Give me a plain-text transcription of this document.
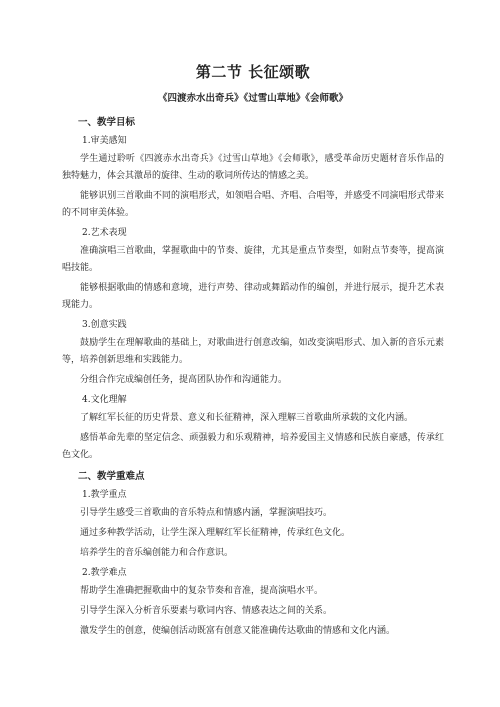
第二节 长征颂歌
《四渡赤水出奇兵》《过雪山草地》《会师歌》
一、教学目标
1.审美感知
学生通过聆听《四渡赤水出奇兵》《过雪山草地》《会师歌》，感受革命历史题材音乐作品的独特魅力，体会其激昂的旋律、生动的歌词所传达的情感之美。
能够识别三首歌曲不同的演唱形式，如领唱合唱、齐唱、合唱等，并感受不同演唱形式带来的不同审美体验。
2.艺术表现
准确演唱三首歌曲，掌握歌曲中的节奏、旋律，尤其是重点节奏型，如附点节奏等，提高演唱技能。
能够根据歌曲的情感和意境，进行声势、律动或舞蹈动作的编创，并进行展示，提升艺术表现能力。
3.创意实践
鼓励学生在理解歌曲的基础上，对歌曲进行创意改编，如改变演唱形式、加入新的音乐元素等，培养创新思维和实践能力。
分组合作完成编创任务，提高团队协作和沟通能力。
4.文化理解
了解红军长征的历史背景、意义和长征精神，深入理解三首歌曲所承载的文化内涵。
感悟革命先辈的坚定信念、顽强毅力和乐观精神，培养爱国主义情感和民族自豪感，传承红色文化。
二、教学重难点
1.教学重点
引导学生感受三首歌曲的音乐特点和情感内涵，掌握演唱技巧。
通过多种教学活动，让学生深入理解红军长征精神，传承红色文化。
培养学生的音乐编创能力和合作意识。
2.教学难点
帮助学生准确把握歌曲中的复杂节奏和音准，提高演唱水平。
引导学生深入分析音乐要素与歌词内容、情感表达之间的关系。
激发学生的创意，使编创活动既富有创意又能准确传达歌曲的情感和文化内涵。
